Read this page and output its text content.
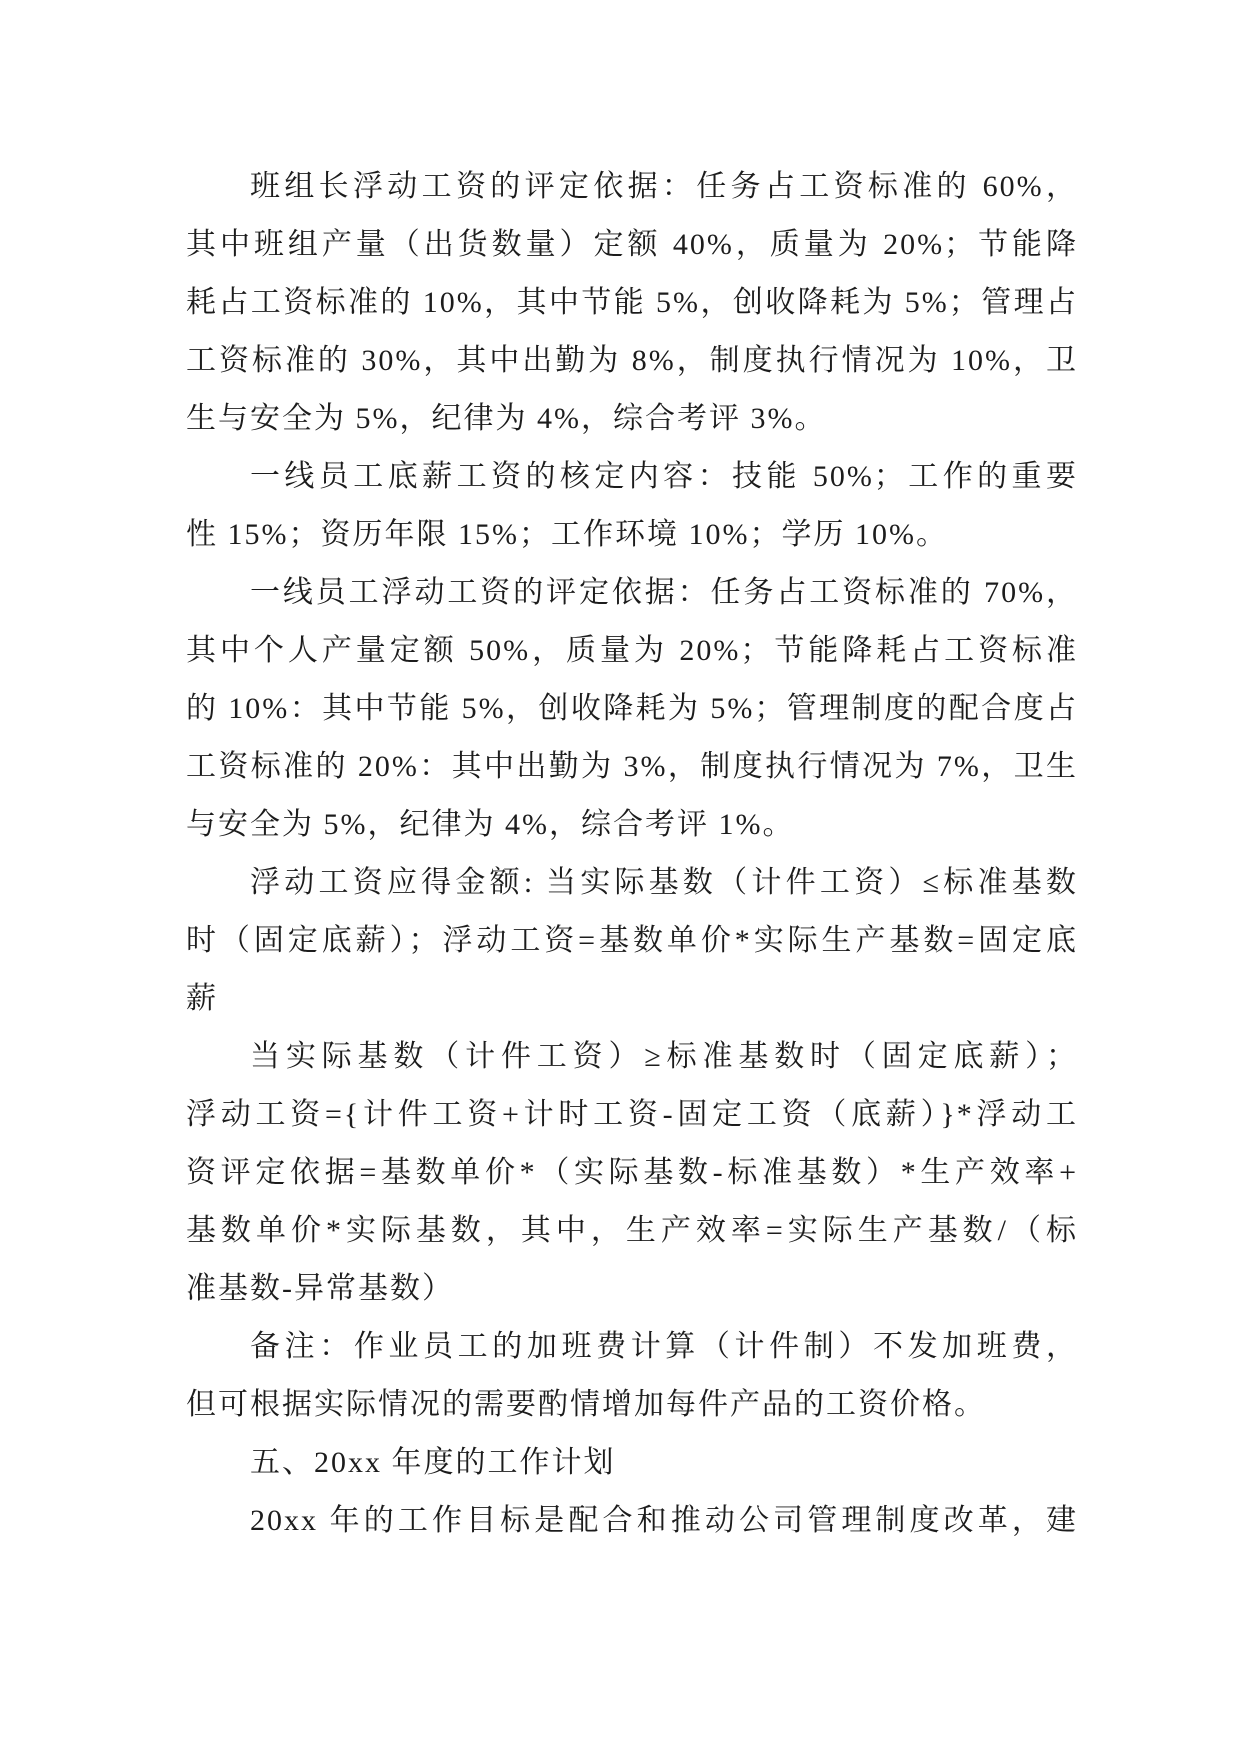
班组长浮动工资的评定依据：任务占工资标准的 60%，
其中班组产量（出货数量）定额 40%，质量为 20%；节能降
耗占工资标准的 10%，其中节能 5%，创收降耗为 5%；管理占
工资标准的 30%，其中出勤为 8%，制度执行情况为 10%，卫
生与安全为 5%，纪律为 4%，综合考评 3%。
一线员工底薪工资的核定内容：技能 50%；工作的重要
性 15%；资历年限 15%；工作环境 10%；学历 10%。
一线员工浮动工资的评定依据：任务占工资标准的 70%，
其中个人产量定额 50%，质量为 20%；节能降耗占工资标准
的 10%：其中节能 5%，创收降耗为 5%；管理制度的配合度占
工资标准的 20%：其中出勤为 3%，制度执行情况为 7%，卫生
与安全为 5%，纪律为 4%，综合考评 1%。
浮动工资应得金额: 当实际基数（计件工资）≤标准基数
时（固定底薪）；浮动工资=基数单价*实际生产基数=固定底
薪
当实际基数（计件工资）≥标准基数时（固定底薪）；
浮动工资={计件工资+计时工资-固定工资（底薪）}*浮动工
资评定依据=基数单价*（实际基数-标准基数）*生产效率+
基数单价*实际基数，其中，生产效率=实际生产基数/（标
准基数-异常基数）
备注：作业员工的加班费计算（计件制）不发加班费，
但可根据实际情况的需要酌情增加每件产品的工资价格。
五、20xx 年度的工作计划
20xx 年的工作目标是配合和推动公司管理制度改革，建
